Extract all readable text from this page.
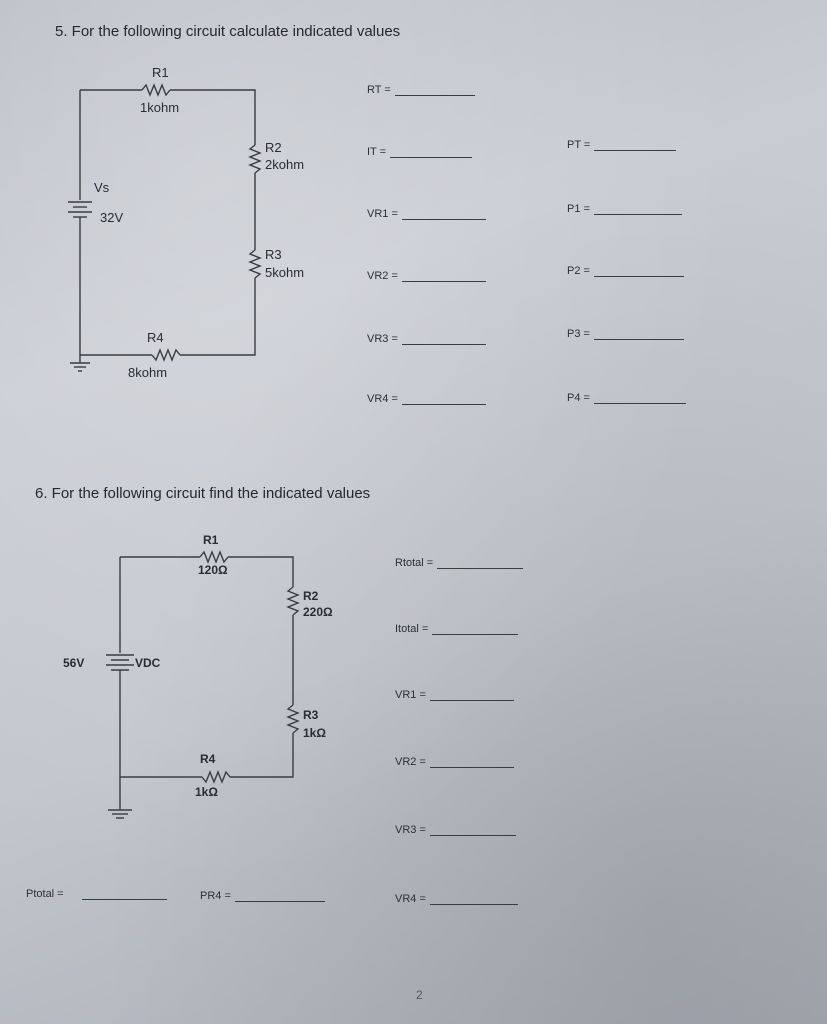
5. For the following circuit calculate indicated values
R1
1kohm
R2
2kohm
R3
5kohm
R4
8kohm
Vs
32V
RT =
IT =
VR1 =
VR2 =
VR3 =
VR4 =
PT =
P1 =
P2 =
P3 =
P4 =
6. For the following circuit find the indicated values
R1
120Ω
R2
220Ω
R3
1kΩ
R4
1kΩ
56V	VDC
Rtotal =
Itotal =
VR1 =
VR2 =
VR3 =
VR4 =
Ptotal =	PR4 =
2
